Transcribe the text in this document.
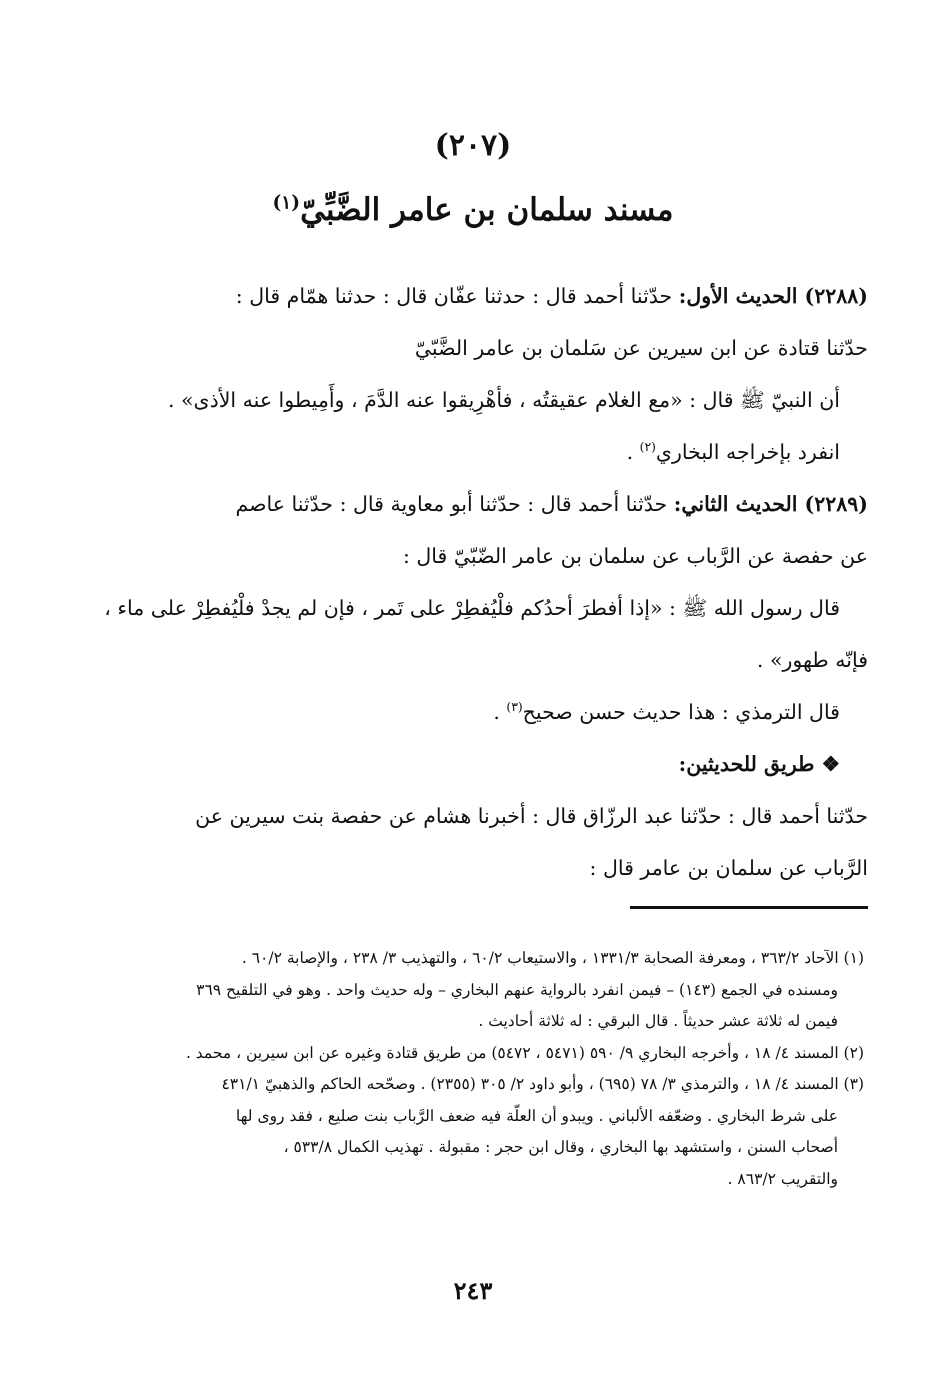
(٢٠٧)
مسند سلمان بن عامر الضَّبِّيّ$^{(١)}$

(٢٢٨٨) الحديث الأول: حدّثنا أحمد قال : حدثنا عفّان قال : حدثنا همّام قال :

حدّثنا قتادة عن ابن سيرين عن سَلمان بن عامر الضَّبّيّ

أن النبيّ ﷺ قال : «مع الغلام عقيقتُه ، فأهْرِيقوا عنه الدَّمَ ، وأَمِيطوا عنه الأذى» .

انفرد بإخراجه البخاري$^{(٢)}$ .

(٢٢٨٩) الحديث الثاني: حدّثنا أحمد قال : حدّثنا أبو معاوية قال : حدّثنا عاصم

عن حفصة عن الرَّباب عن سلمان بن عامر الضّبّيّ قال :

قال رسول الله ﷺ : «إذا أفطرَ أحدُكم فلْيُفطِرْ على تَمر ، فإن لم يجدْ فلْيُفطِرْ على ماء ،

فإنّه طهور» .

قال الترمذي : هذا حديث حسن صحيح$^{(٣)}$ .

❖ طريق للحديثين:

حدّثنا أحمد قال : حدّثنا عبد الرزّاق قال : أخبرنا هشام عن حفصة بنت سيرين عن

الرَّباب عن سلمان بن عامر قال :

(١) الآحاد ٣٦٣/٢ ، ومعرفة الصحابة ١٣٣١/٣ ، والاستيعاب ٦٠/٢ ، والتهذيب ٣/ ٢٣٨ ، والإصابة ٦٠/٢ .

ومسنده في الجمع (١٤٣) – فيمن انفرد بالرواية عنهم البخاري – وله حديث واحد . وهو في التلقيح ٣٦٩

فيمن له ثلاثة عشر حديثاً . قال البرقي : له ثلاثة أحاديث .

(٢) المسند ٤/ ١٨ ، وأخرجه البخاري ٩/ ٥٩٠ (٥٤٧١ ، ٥٤٧٢) من طريق قتادة وغيره عن ابن سيرين ، محمد .

(٣) المسند ٤/ ١٨ ، والترمذي ٣/ ٧٨ (٦٩٥) ، وأبو داود ٢/ ٣٠٥ (٢٣٥٥) . وصحّحه الحاكم والذهبيّ ٤٣١/١

على شرط البخاري . وضعّفه الألباني . ويبدو أن العلّة فيه ضعف الرَّباب بنت صليع ، فقد روى لها

أصحاب السنن ، واستشهد بها البخاري ، وقال ابن حجر : مقبولة . تهذيب الكمال ٥٣٣/٨ ،

والتقريب ٨٦٣/٢ .

٢٤٣
